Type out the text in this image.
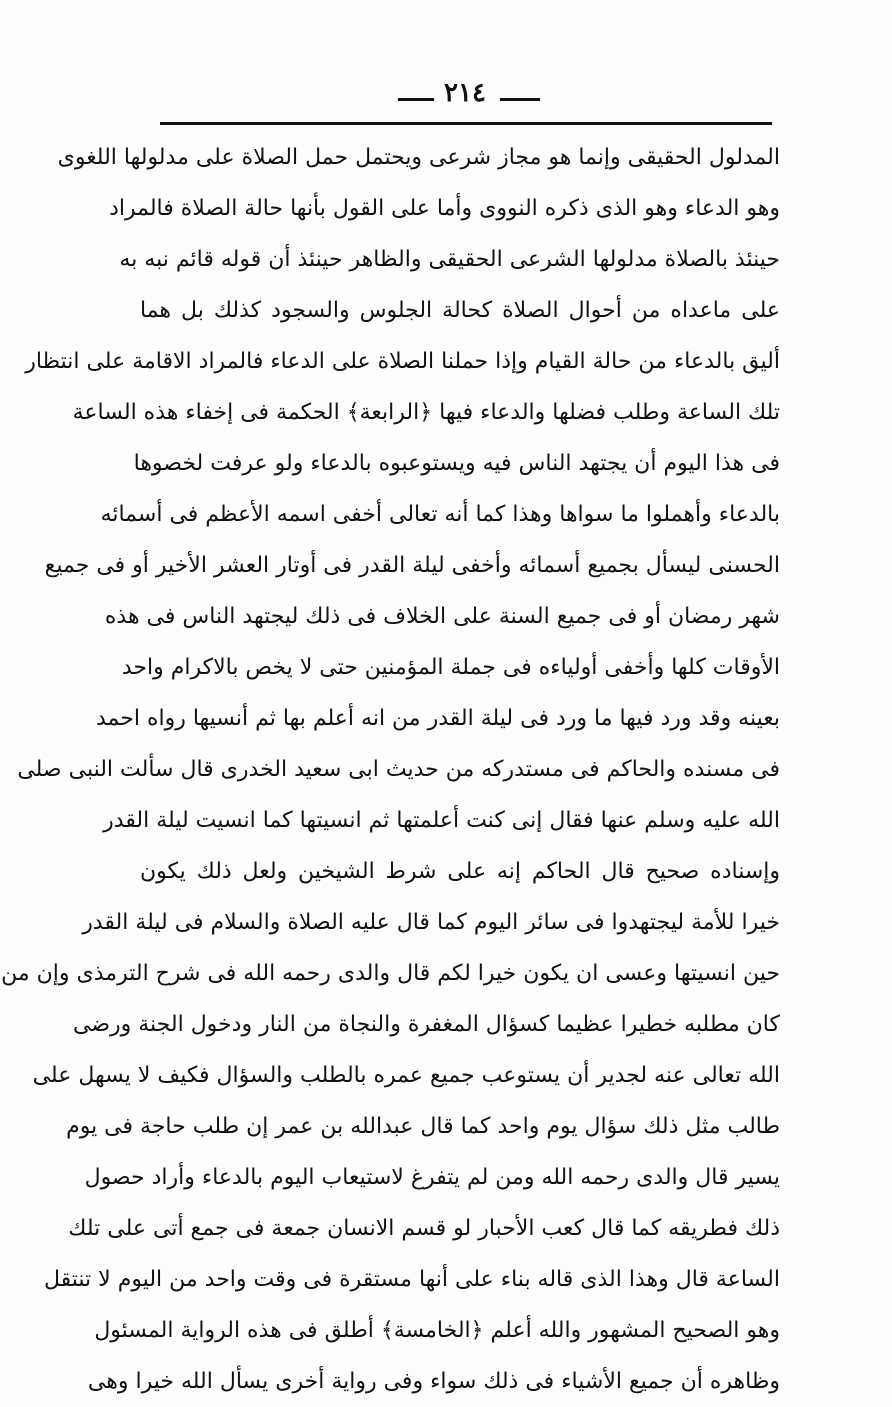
٢١٤
المدلول الحقيقى وإنما هو مجاز شرعى ويحتمل حمل الصلاة على مدلولها اللغوى
وهو الدعاء وهو الذى ذكره النووى وأما على القول بأنها حالة الصلاة فالمراد
حينئذ بالصلاة مدلولها الشرعى الحقيقى والظاهر حينئذ أن قوله قائم نبه به
على ماعداه من أحوال الصلاة كحالة الجلوس والسجود كذلك بل هما
أليق بالدعاء من حالة القيام وإذا حملنا الصلاة على الدعاء فالمراد الاقامة على انتظار
تلك الساعة وطلب فضلها والدعاء فيها ﴿الرابعة﴾ الحكمة فى إخفاء هذه الساعة
فى هذا اليوم أن يجتهد الناس فيه ويستوعبوه بالدعاء ولو عرفت لخصوها
بالدعاء وأهملوا ما سواها وهذا كما أنه تعالى أخفى اسمه الأعظم فى أسمائه
الحسنى ليسأل بجميع أسمائه وأخفى ليلة القدر فى أوتار العشر الأخير أو فى جميع
شهر رمضان أو فى جميع السنة على الخلاف فى ذلك ليجتهد الناس فى هذه
الأوقات كلها وأخفى أولياءه فى جملة المؤمنين حتى لا يخص بالاكرام واحد
بعينه وقد ورد فيها ما ورد فى ليلة القدر من انه أعلم بها ثم أنسيها رواه احمد
فى مسنده والحاكم فى مستدركه من حديث ابى سعيد الخدرى قال سألت النبى صلى
الله عليه وسلم عنها فقال إنى كنت أعلمتها ثم انسيتها كما انسيت ليلة القدر
وإسناده صحيح قال الحاكم إنه على شرط الشيخين ولعل ذلك يكون
خيرا للأمة ليجتهدوا فى سائر اليوم كما قال عليه الصلاة والسلام فى ليلة القدر
حين انسيتها وعسى ان يكون خيرا لكم قال والدى رحمه الله فى شرح الترمذى وإن من
كان مطلبه خطيرا عظيما كسؤال المغفرة والنجاة من النار ودخول الجنة ورضى
الله تعالى عنه لجدير أن يستوعب جميع عمره بالطلب والسؤال فكيف لا يسهل على
طالب مثل ذلك سؤال يوم واحد كما قال عبدالله بن عمر إن طلب حاجة فى يوم
يسير قال والدى رحمه الله ومن لم يتفرغ لاستيعاب اليوم بالدعاء وأراد حصول
ذلك فطريقه كما قال كعب الأحبار لو قسم الانسان جمعة فى جمع أتى على تلك
الساعة قال وهذا الذى قاله بناء على أنها مستقرة فى وقت واحد من اليوم لا تنتقل
وهو الصحيح المشهور والله أعلم ﴿الخامسة﴾ أطلق فى هذه الرواية المسئول
وظاهره أن جميع الأشياء فى ذلك سواء وفى رواية أخرى يسأل الله خيرا وهى
